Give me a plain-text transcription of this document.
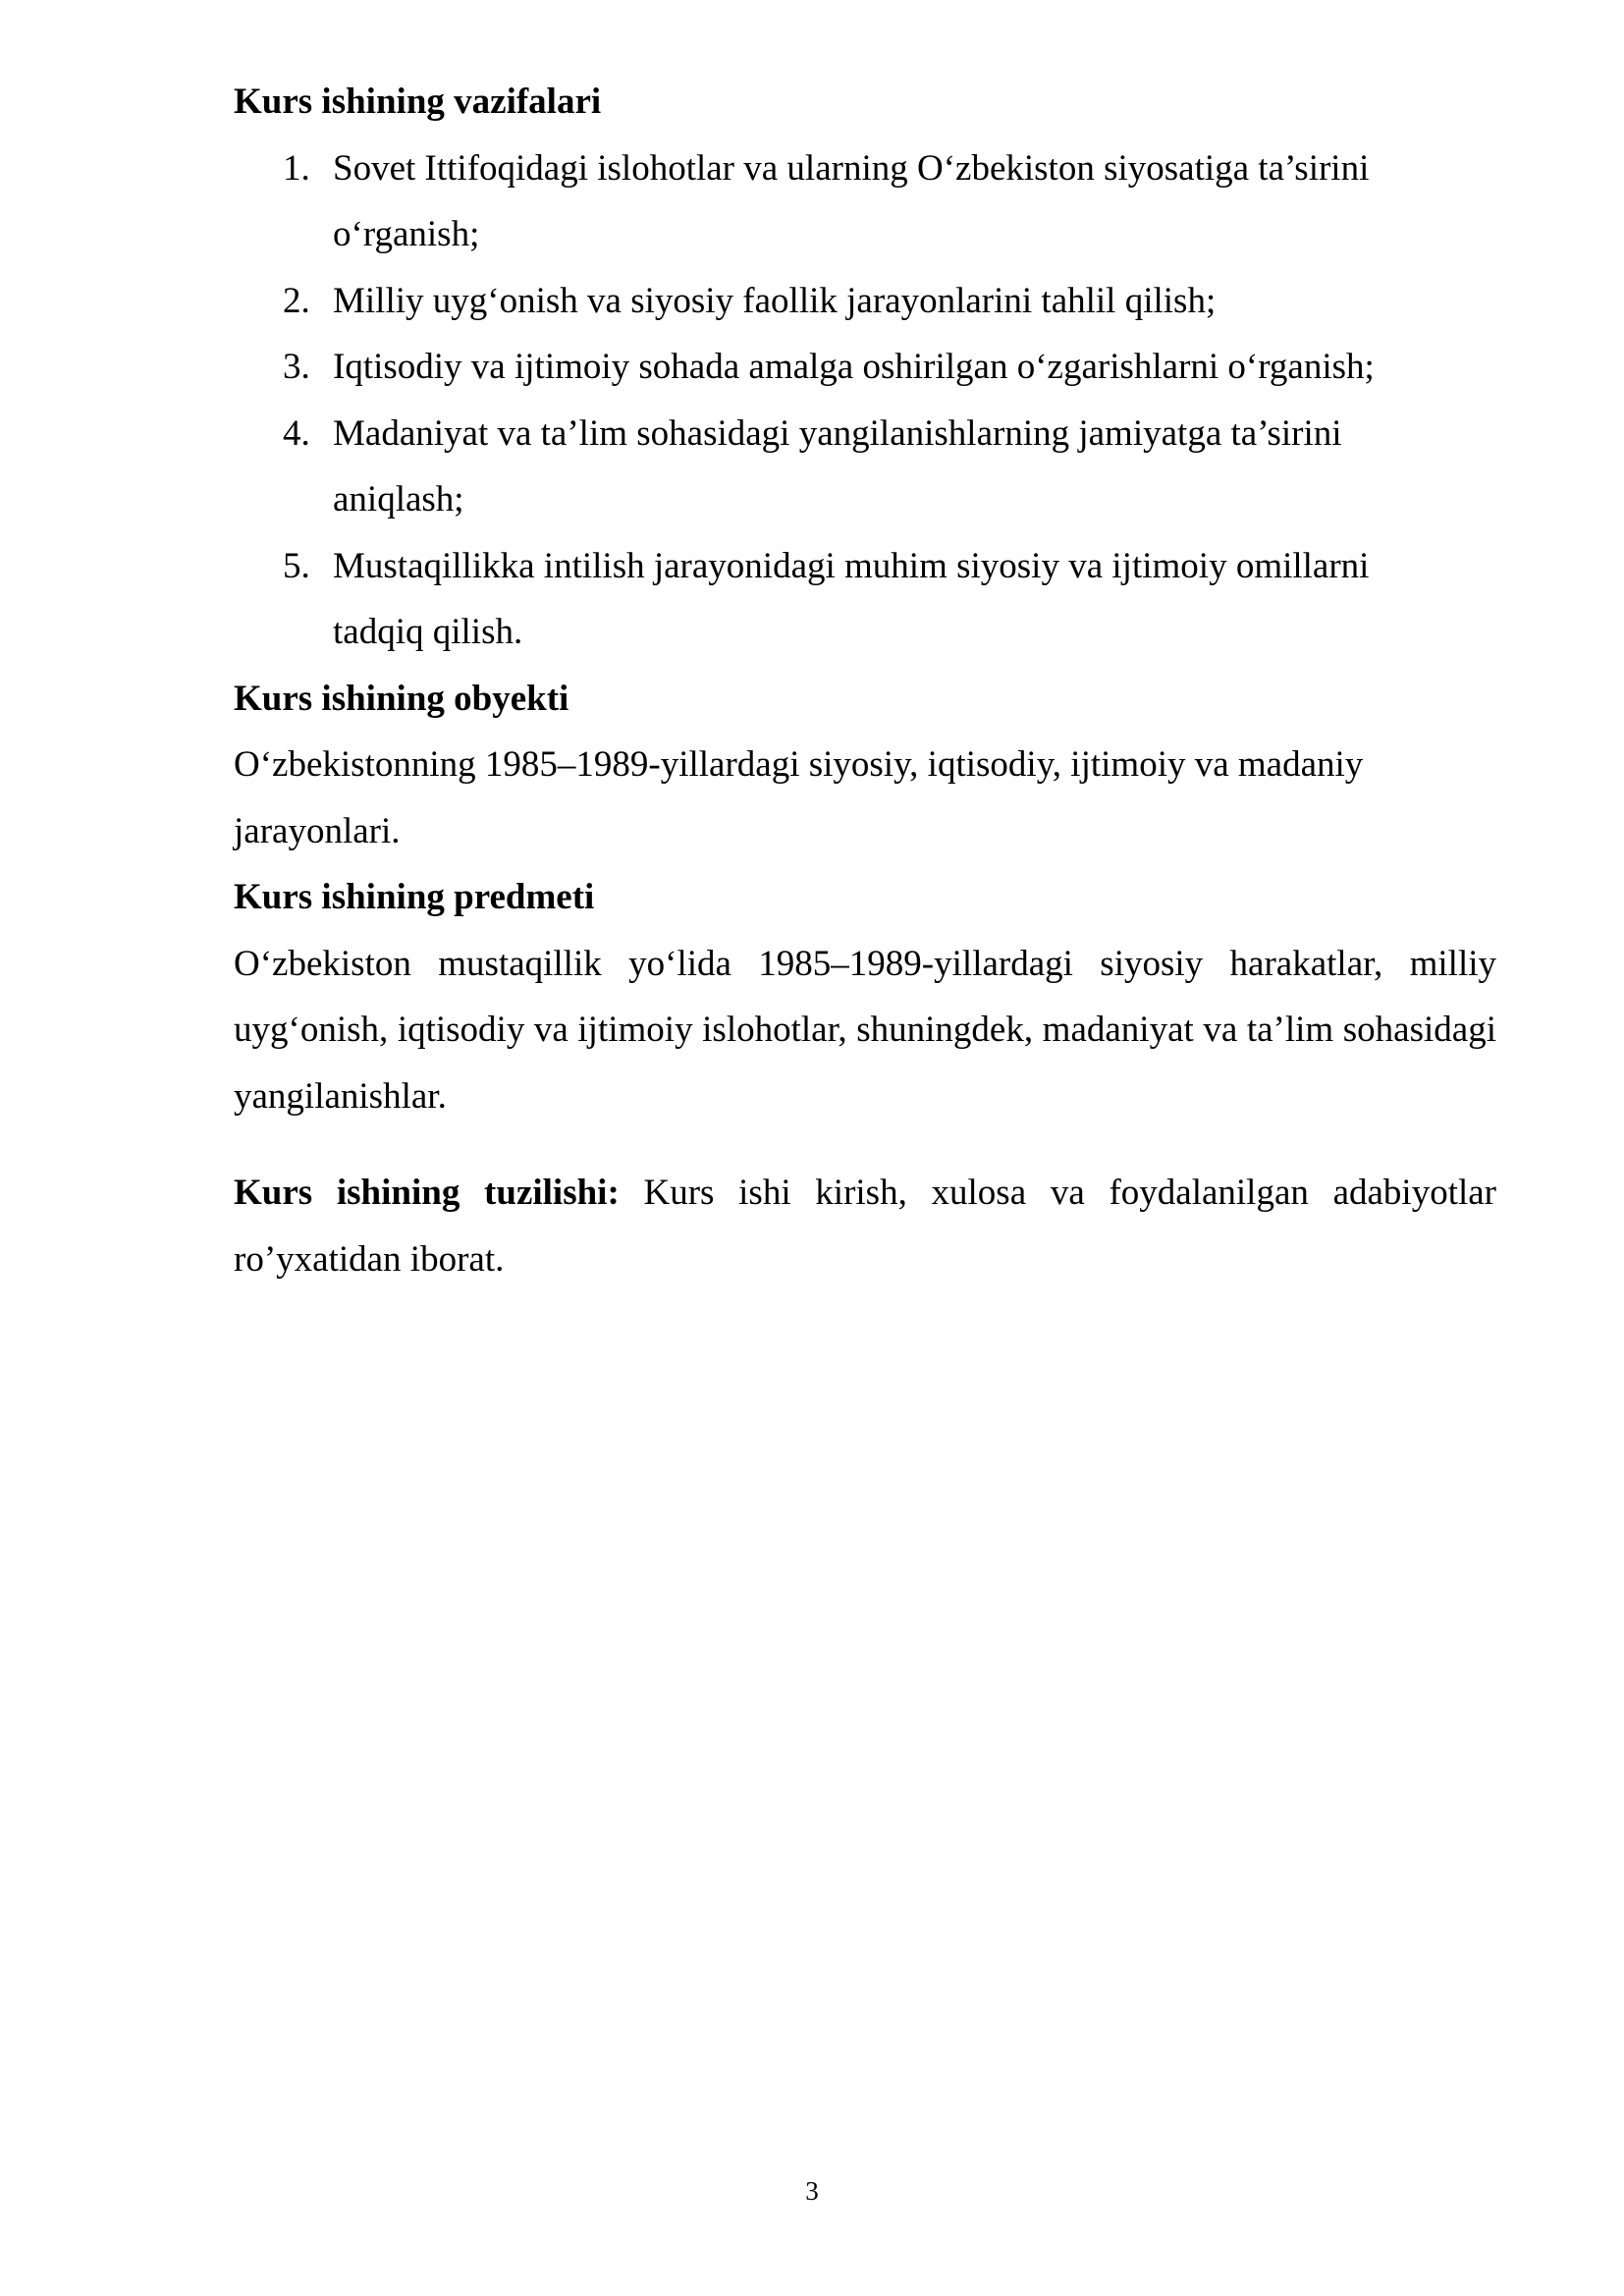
Kurs ishining vazifalari

1. Sovet Ittifoqidagi islohotlar va ularning O‘zbekiston siyosatiga ta’sirini o‘rganish;
2. Milliy uyg‘onish va siyosiy faollik jarayonlarini tahlil qilish;
3. Iqtisodiy va ijtimoiy sohada amalga oshirilgan o‘zgarishlarni o‘rganish;
4. Madaniyat va ta’lim sohasidagi yangilanishlarning jamiyatga ta’sirini aniqlash;
5. Mustaqillikka intilish jarayonidagi muhim siyosiy va ijtimoiy omillarni tadqiq qilish.

Kurs ishining obyekti

O‘zbekistonning 1985–1989-yillardagi siyosiy, iqtisodiy, ijtimoiy va madaniy jarayonlari.

Kurs ishining predmeti

O‘zbekiston mustaqillik yo‘lida 1985–1989-yillardagi siyosiy harakatlar, milliy uyg‘onish, iqtisodiy va ijtimoiy islohotlar, shuningdek, madaniyat va ta’lim sohasidagi yangilanishlar.

Kurs ishining tuzilishi: Kurs ishi kirish, xulosa va foydalanilgan adabiyotlar ro’yxatidan iborat.

3
